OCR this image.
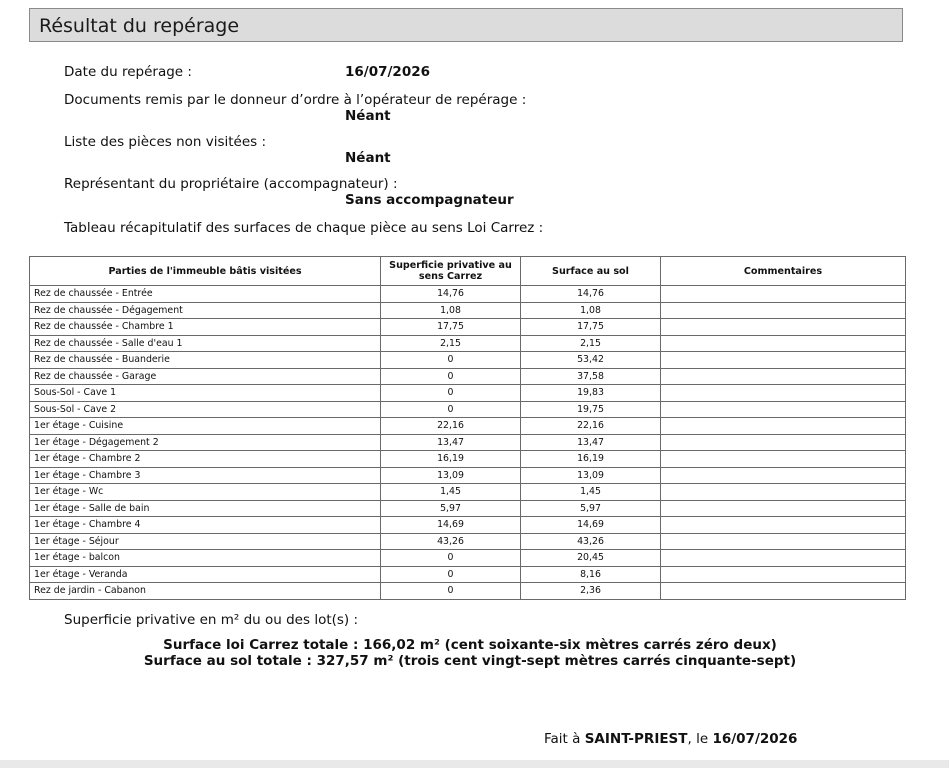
Résultat du repérage
Date du repérage :	16/07/2026
Documents remis par le donneur d’ordre à l’opérateur de repérage :
Néant
Liste des pièces non visitées :
Néant
Représentant du propriétaire (accompagnateur) :
Sans accompagnateur
Tableau récapitulatif des surfaces de chaque pièce au sens Loi Carrez :
Parties de l'immeuble bâtis visitées	Superficie privative au sens Carrez	Surface au sol	Commentaires
Rez de chaussée - Entrée	14,76	14,76	
Rez de chaussée - Dégagement	1,08	1,08	
Rez de chaussée - Chambre 1	17,75	17,75	
Rez de chaussée - Salle d'eau 1	2,15	2,15	
Rez de chaussée - Buanderie	0	53,42	
Rez de chaussée - Garage	0	37,58	
Sous-Sol - Cave 1	0	19,83	
Sous-Sol - Cave 2	0	19,75	
1er étage - Cuisine	22,16	22,16	
1er étage - Dégagement 2	13,47	13,47	
1er étage - Chambre 2	16,19	16,19	
1er étage - Chambre 3	13,09	13,09	
1er étage - Wc	1,45	1,45	
1er étage - Salle de bain	5,97	5,97	
1er étage - Chambre 4	14,69	14,69	
1er étage - Séjour	43,26	43,26	
1er étage - balcon	0	20,45	
1er étage - Veranda	0	8,16	
Rez de jardin - Cabanon	0	2,36	
Superficie privative en m² du ou des lot(s) :
Surface loi Carrez totale : 166,02 m² (cent soixante-six mètres carrés zéro deux)
Surface au sol totale : 327,57 m² (trois cent vingt-sept mètres carrés cinquante-sept)
Fait à SAINT-PRIEST, le 16/07/2026
